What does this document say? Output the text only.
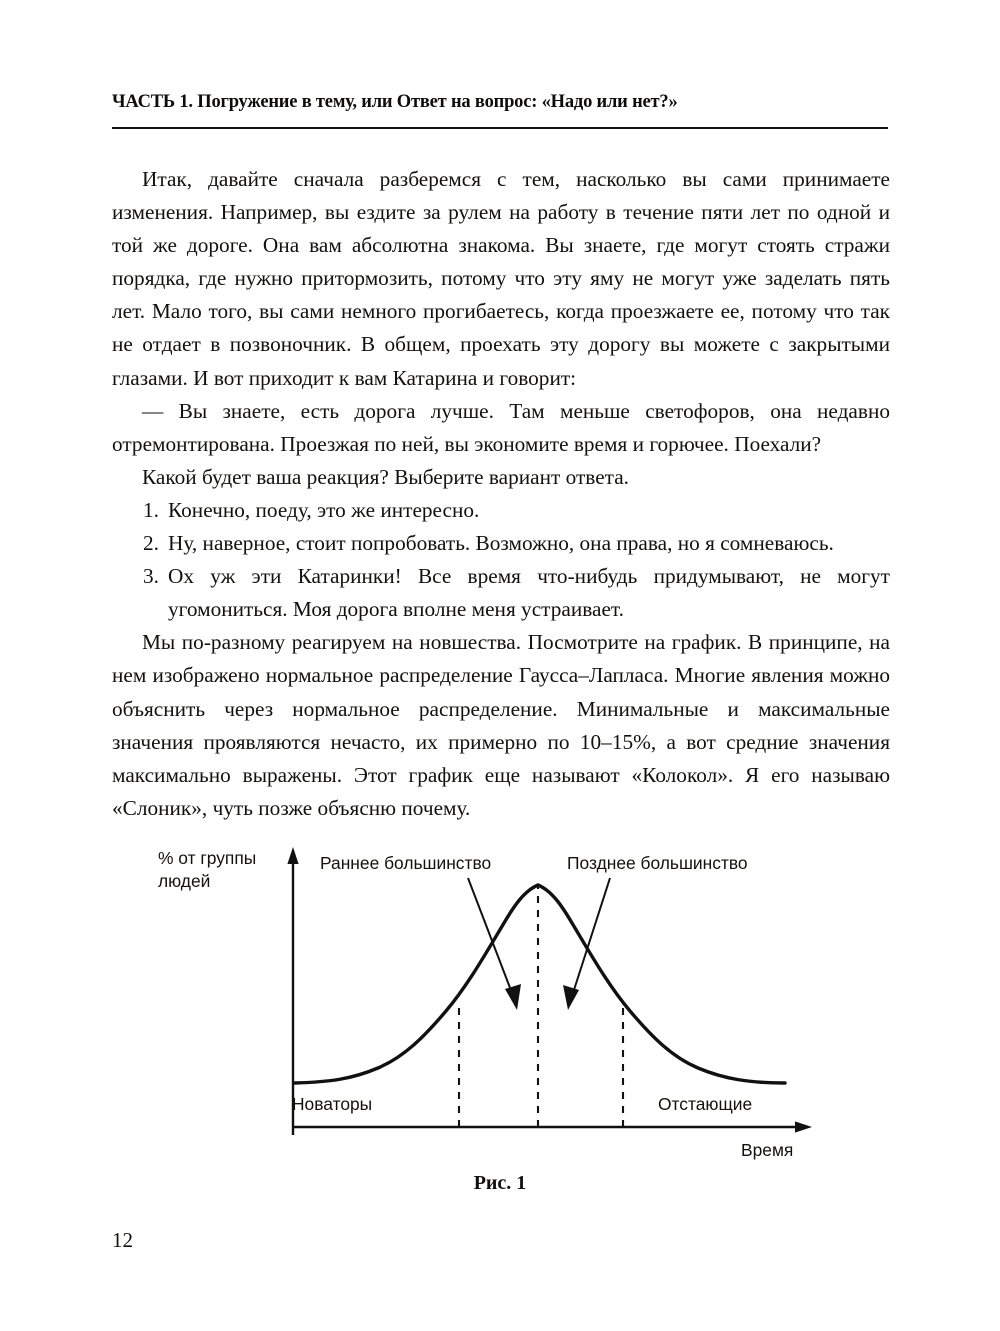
ЧАСТЬ 1. Погружение в тему, или Ответ на вопрос: «Надо или нет?»

Итак, давайте сначала разберемся с тем, насколько вы сами принимаете изменения. Например, вы ездите за рулем на работу в течение пяти лет по одной и той же дороге. Она вам абсолютна знакома. Вы знаете, где могут стоять стражи порядка, где нужно притормозить, потому что эту яму не могут уже заделать пять лет. Мало того, вы сами немного прогибаетесь, когда проезжаете ее, потому что так не отдает в позвоночник. В общем, проехать эту дорогу вы можете с закрытыми глазами. И вот приходит к вам Катарина и говорит:

— Вы знаете, есть дорога лучше. Там меньше светофоров, она недавно отремонтирована. Проезжая по ней, вы экономите время и горючее. Поехали?

Какой будет ваша реакция? Выберите вариант ответа.

1. Конечно, поеду, это же интересно.
2. Ну, наверное, стоит попробовать. Возможно, она права, но я сомневаюсь.
3. Ох уж эти Катаринки! Все время что-нибудь придумывают, не могут угомониться. Моя дорога вполне меня устраивает.

Мы по-разному реагируем на новшества. Посмотрите на график. В принципе, на нем изображено нормальное распределение Гаусса–Лапласа. Многие явления можно объяснить через нормальное распределение. Минимальные и максимальные значения проявляются нечасто, их примерно по 10–15%, а вот средние значения максимально выражены. Этот график еще называют «Колокол». Я его называю «Слоник», чуть позже объясню почему.

% от группы
людей
Раннее большинство	Позднее большинство
Новаторы	Отстающие
Время
Рис. 1
12
